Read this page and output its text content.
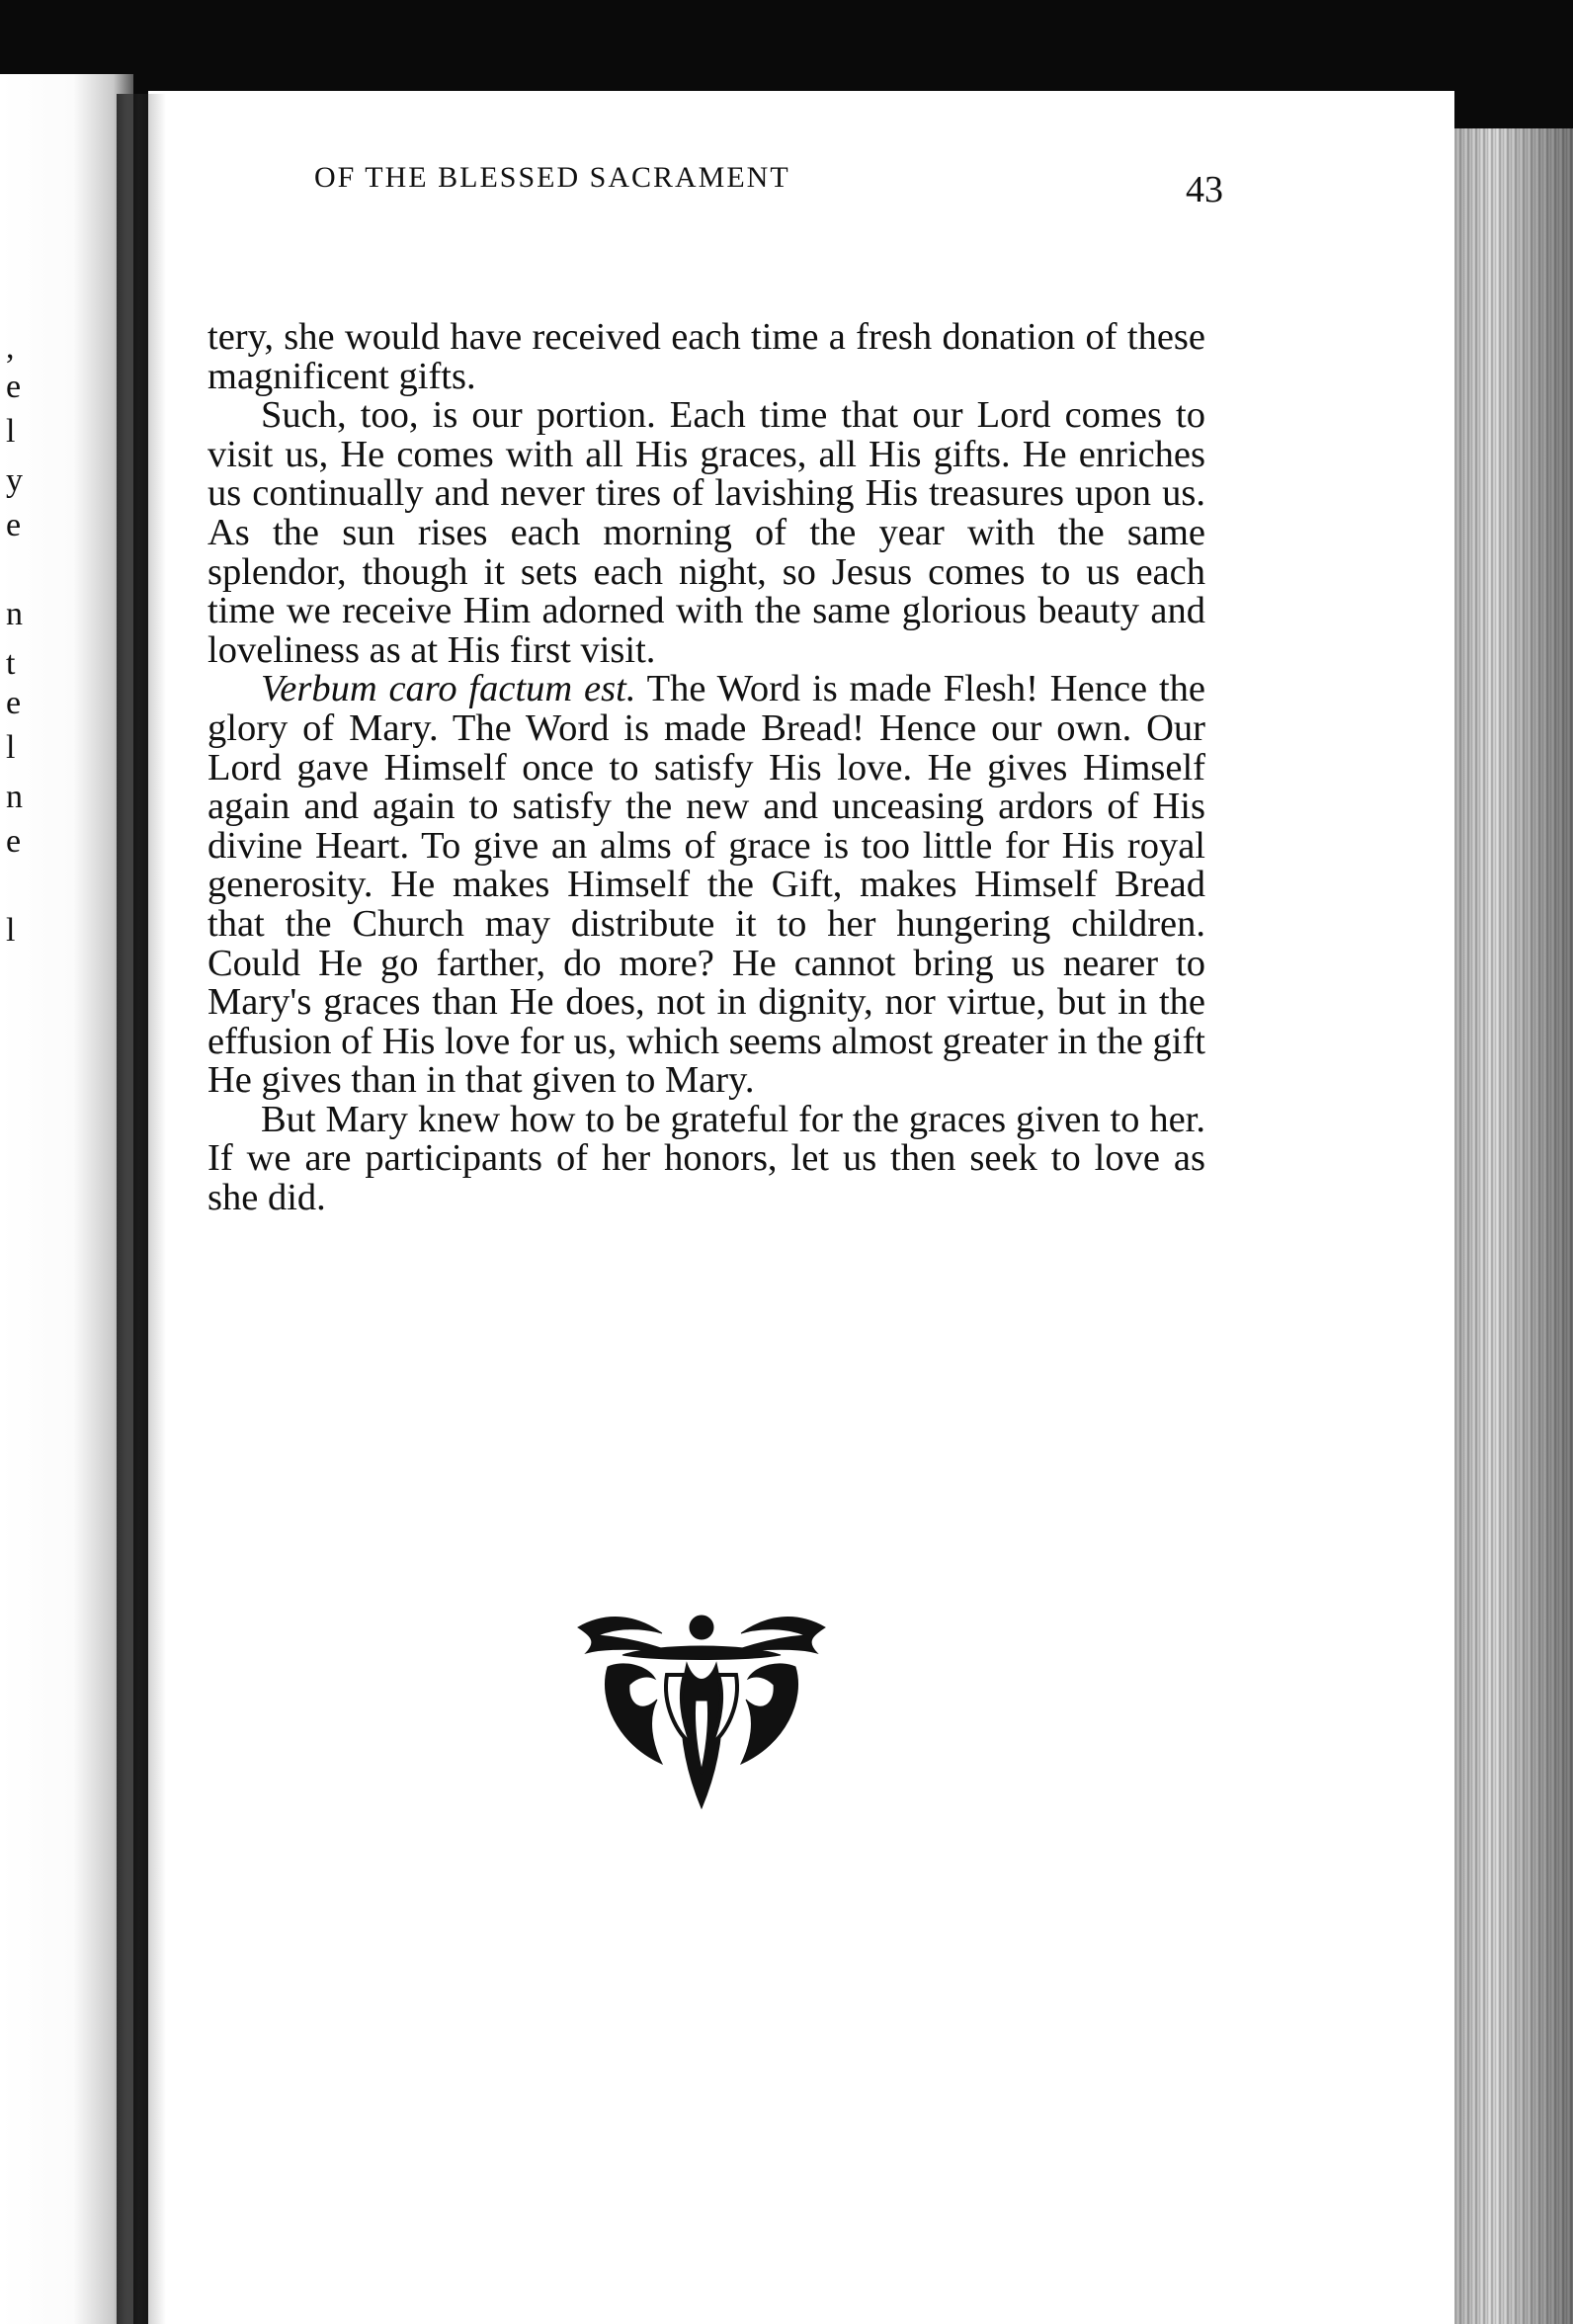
,
e
l
y
e
n
t
e
l
n
e
l
OF THE BLESSED SACRAMENT	43

tery, she would have received each time a fresh donation of these magnificent gifts.

Such, too, is our portion. Each time that our Lord comes to visit us, He comes with all His graces, all His gifts. He enriches us continually and never tires of lavishing His treasures upon us. As the sun rises each morning of the year with the same splendor, though it sets each night, so Jesus comes to us each time we receive Him adorned with the same glorious beauty and loveliness as at His first visit.

Verbum caro factum est. The Word is made Flesh! Hence the glory of Mary. The Word is made Bread! Hence our own. Our Lord gave Himself once to satisfy His love. He gives Himself again and again to satisfy the new and unceasing ardors of His divine Heart. To give an alms of grace is too little for His royal generosity. He makes Himself the Gift, makes Himself Bread that the Church may distribute it to her hungering children. Could He go farther, do more? He cannot bring us nearer to Mary's graces than He does, not in dignity, nor virtue, but in the effusion of His love for us, which seems almost greater in the gift He gives than in that given to Mary.

But Mary knew how to be grateful for the graces given to her. If we are participants of her honors, let us then seek to love as she did.
